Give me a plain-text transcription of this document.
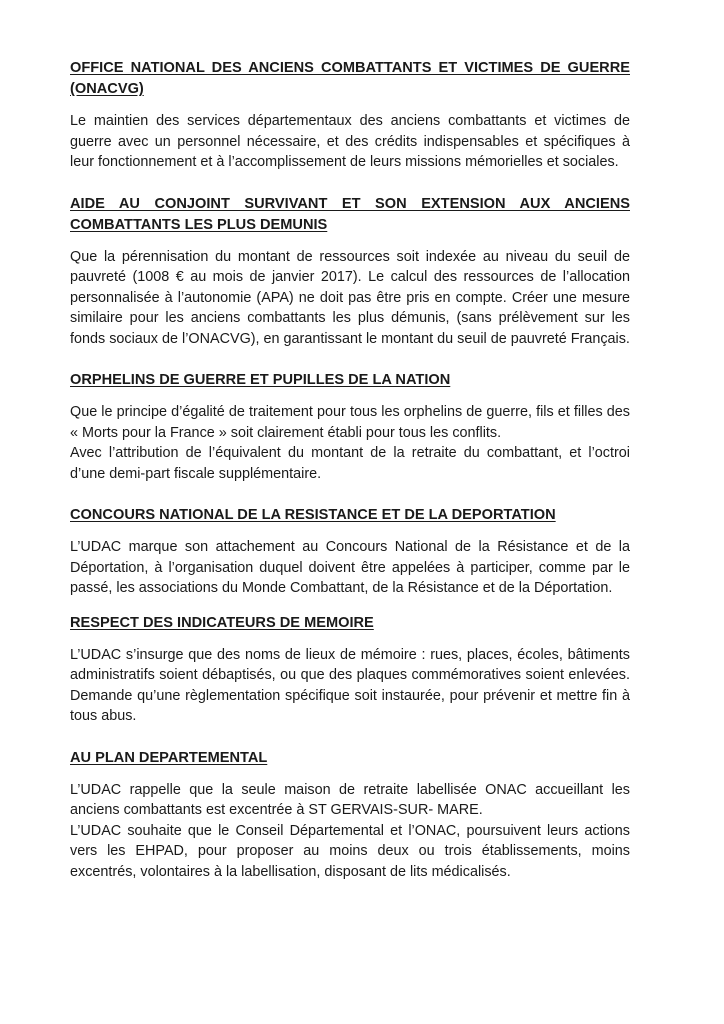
OFFICE NATIONAL DES ANCIENS COMBATTANTS ET VICTIMES DE GUERRE (ONACVG)

Le maintien des services départementaux des anciens combattants et victimes de guerre avec un personnel nécessaire, et des crédits indispensables et spécifiques à leur fonctionnement et à l’accomplissement de leurs missions mémorielles et sociales.

AIDE AU CONJOINT SURVIVANT ET SON EXTENSION AUX ANCIENS
COMBATTANTS LES PLUS DEMUNIS

Que la pérennisation du montant de ressources soit indexée au niveau du seuil de pauvreté (1008 € au mois de janvier 2017). Le calcul des ressources de l’allocation personnalisée à l’autonomie (APA) ne doit pas être pris en compte. Créer une mesure similaire pour les anciens combattants les plus démunis, (sans prélèvement sur les fonds sociaux de l’ONACVG), en garantissant le montant du seuil de pauvreté Français.

ORPHELINS DE GUERRE ET PUPILLES DE LA NATION

Que le principe d’égalité de traitement pour tous les orphelins de guerre, fils et filles des « Morts pour la France » soit clairement établi pour tous les conflits.

Avec l’attribution de l’équivalent du montant de la retraite du combattant, et l’octroi d’une demi-part fiscale supplémentaire.

CONCOURS NATIONAL DE LA RESISTANCE ET DE LA DEPORTATION

L’UDAC marque son attachement au Concours National de la Résistance et de la Déportation, à l’organisation duquel doivent être appelées à participer, comme par le passé, les associations du Monde Combattant, de la Résistance et de la Déportation.

RESPECT DES INDICATEURS DE MEMOIRE

L’UDAC s’insurge que des noms de lieux de mémoire : rues, places, écoles, bâtiments administratifs soient débaptisés, ou que des plaques commémoratives soient enlevées. Demande qu’une règlementation spécifique soit instaurée, pour prévenir et mettre fin à tous abus.

AU PLAN DEPARTEMENTAL

L’UDAC rappelle que la seule maison de retraite labellisée ONAC accueillant les anciens combattants est excentrée à ST GERVAIS-SUR- MARE.

L’UDAC souhaite que le Conseil Départemental et l’ONAC, poursuivent leurs actions vers les EHPAD, pour proposer au moins deux ou trois établissements, moins excentrés, volontaires à la labellisation, disposant de lits médicalisés.
